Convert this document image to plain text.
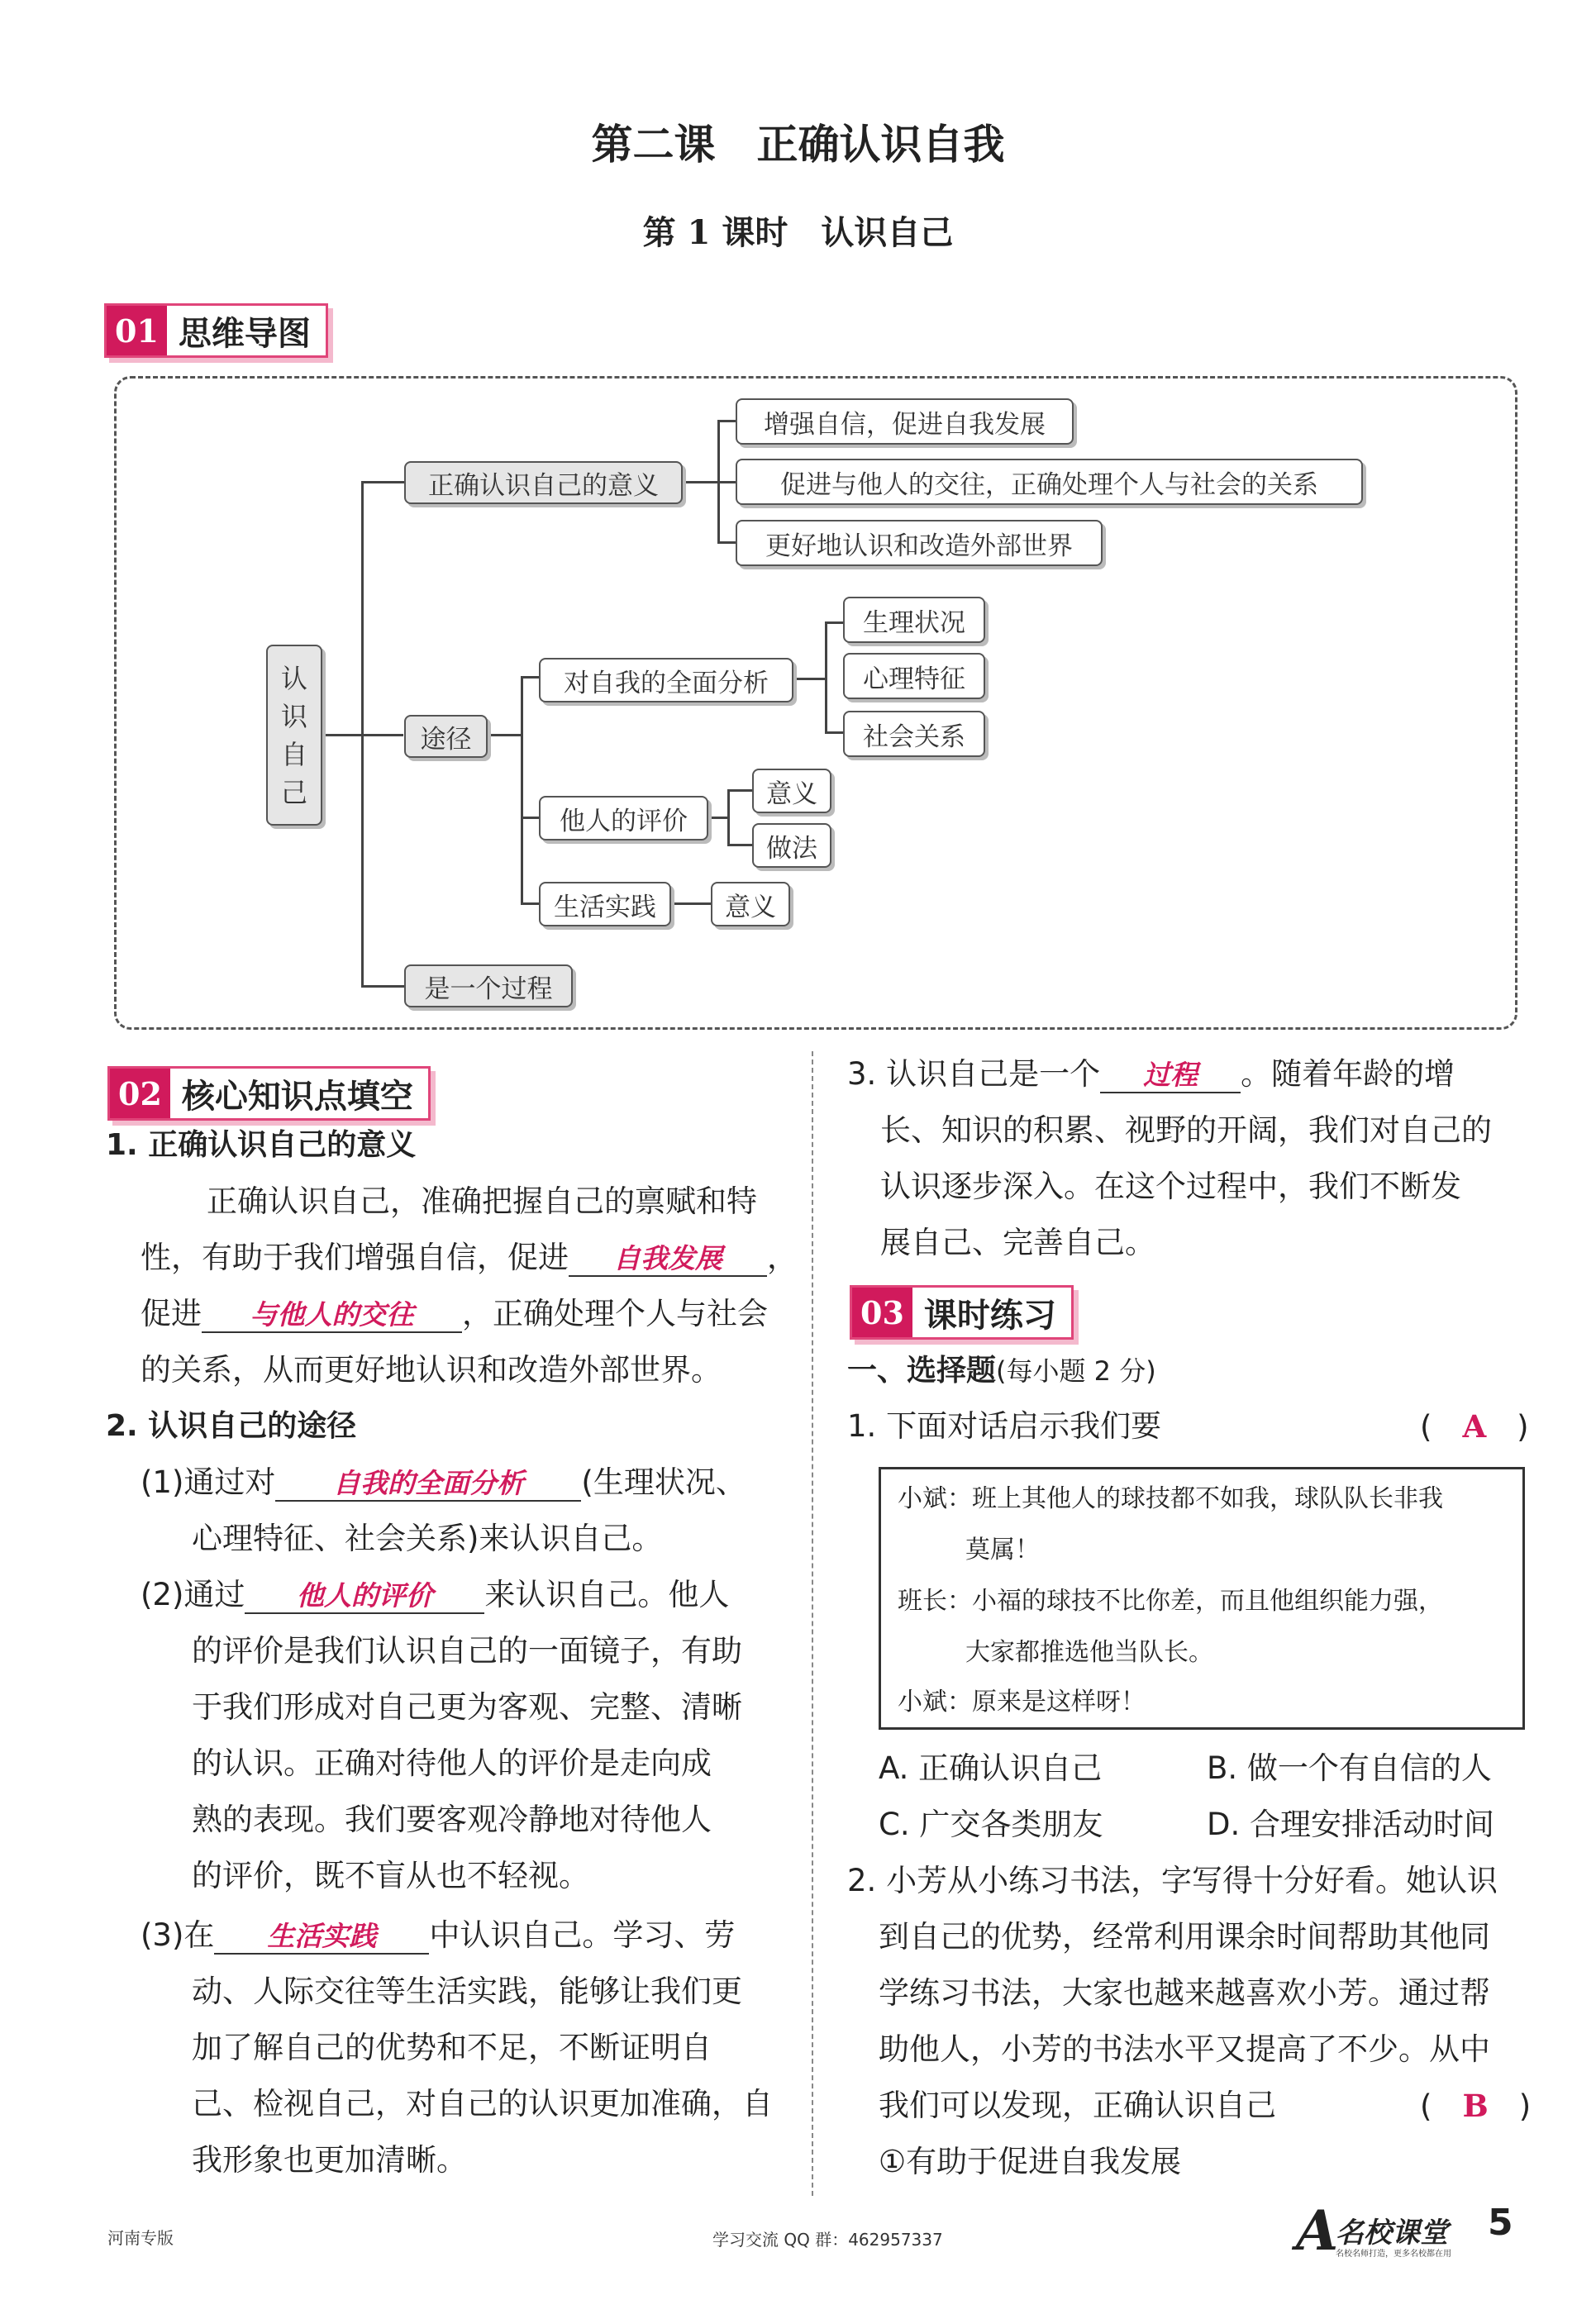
第二课　正确认识自我
第 1 课时　认识自己
01 思维导图
认
识
自
己
正确认识自己的意义
增强自信，促进自我发展
促进与他人的交往，正确处理个人与社会的关系
更好地认识和改造外部世界
途径
对自我的全面分析
生理状况
心理特征
社会关系
他人的评价
意义
做法
生活实践	意义
是一个过程
02 核心知识点填空
1. 正确认识自己的意义
正确认识自己，准确把握自己的禀赋和特
性，有助于我们增强自信，促进 自我发展 ，
促进 与他人的交往 ，正确处理个人与社会
的关系，从而更好地认识和改造外部世界。
2. 认识自己的途径
(1)通过对 自我的全面分析 (生理状况、
心理特征、社会关系)来认识自己。
(2)通过 他人的评价 来认识自己。他人
的评价是我们认识自己的一面镜子，有助
于我们形成对自己更为客观、完整、清晰
的认识。正确对待他人的评价是走向成
熟的表现。我们要客观冷静地对待他人
的评价，既不盲从也不轻视。
(3)在 生活实践 中认识自己。学习、劳
动、人际交往等生活实践，能够让我们更
加了解自己的优势和不足，不断证明自
己、检视自己，对自己的认识更加准确，自
我形象也更加清晰。
3. 认识自己是一个 过程 。随着年龄的增
长、知识的积累、视野的开阔，我们对自己的
认识逐步深入。在这个过程中，我们不断发
展自己、完善自己。
03 课时练习
一、选择题(每小题 2 分)
1. 下面对话启示我们要	(　A　)
小斌：班上其他人的球技都不如我，球队队长非我
莫属！
班长：小福的球技不比你差，而且他组织能力强，
大家都推选他当队长。
小斌：原来是这样呀！
A. 正确认识自己	B. 做一个有自信的人
C. 广交各类朋友	D. 合理安排活动时间
2. 小芳从小练习书法，字写得十分好看。她认识
到自己的优势，经常利用课余时间帮助其他同
学练习书法，大家也越来越喜欢小芳。通过帮
助他人，小芳的书法水平又提高了不少。从中
我们可以发现，正确认识自己	(　B　)
①有助于促进自我发展
河南专版	学习交流 QQ 群：462957337	A
名校课堂
名校名师打造，更多名校都在用
5
